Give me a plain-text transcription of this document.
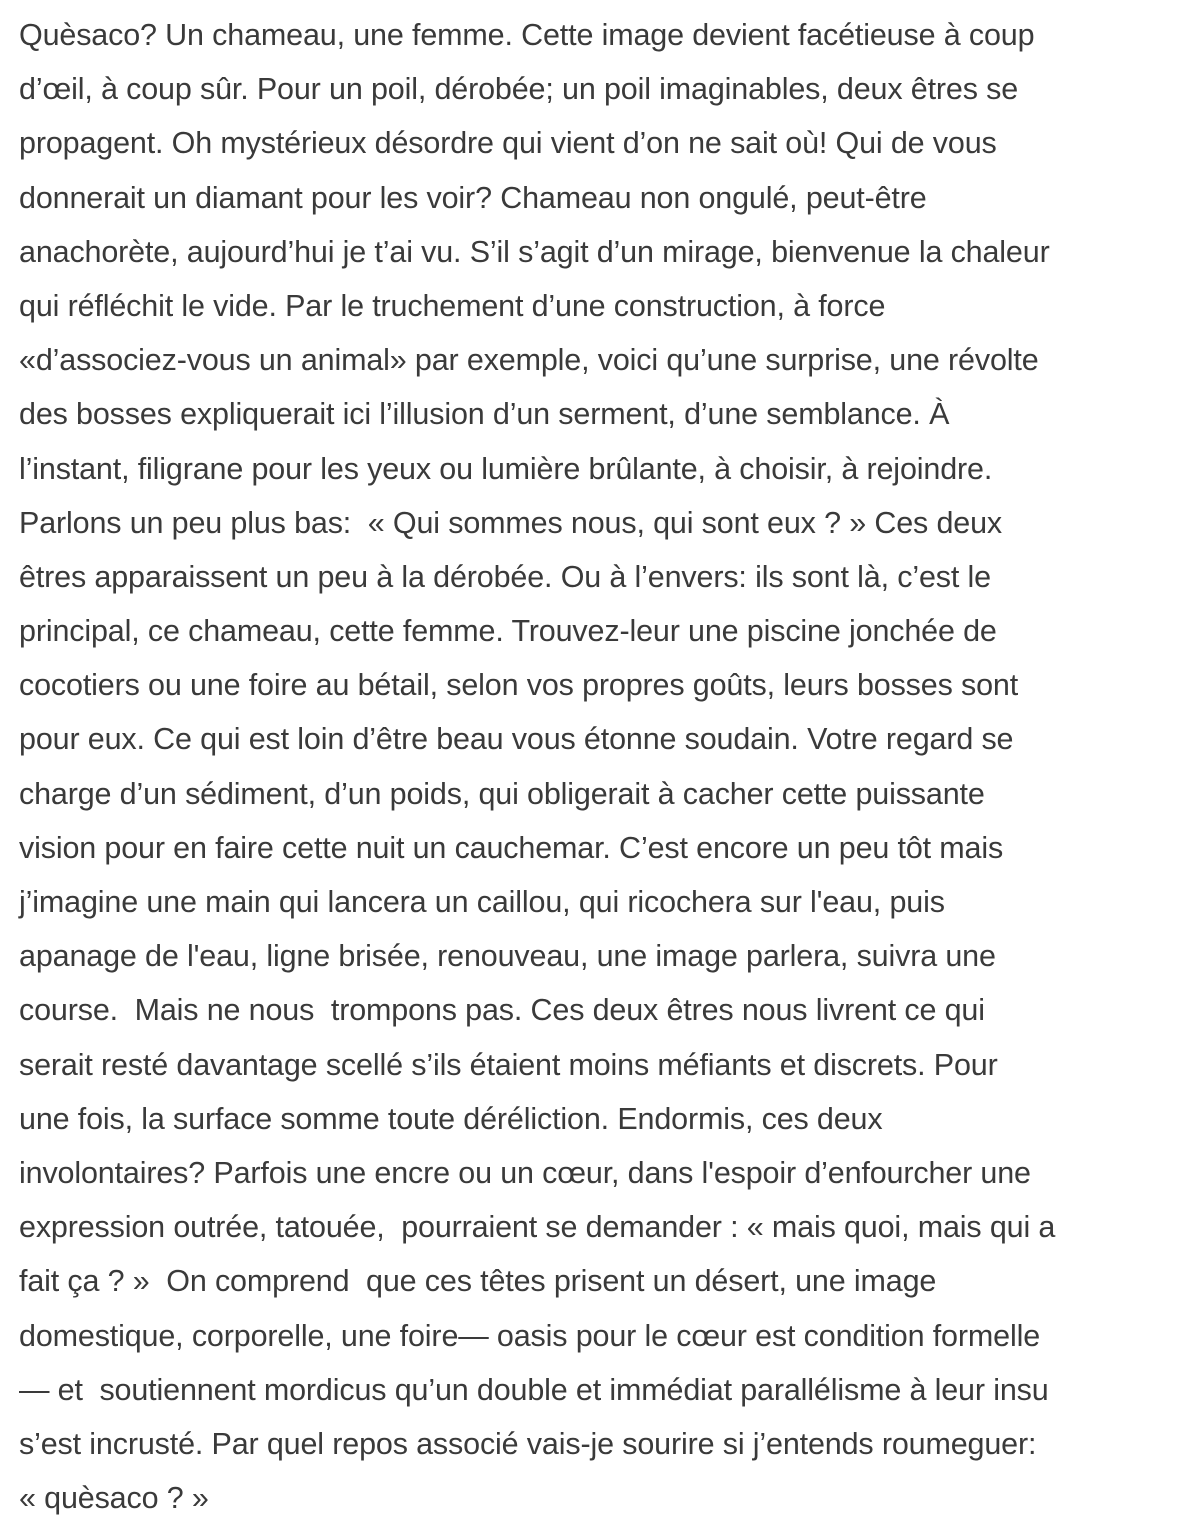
Quèsaco? Un chameau, une femme. Cette image devient facétieuse à coup
d’œil, à coup sûr. Pour un poil, dérobée; un poil imaginables, deux êtres se
propagent. Oh mystérieux désordre qui vient d’on ne sait où! Qui de vous
donnerait un diamant pour les voir? Chameau non ongulé, peut-être
anachorète, aujourd’hui je t’ai vu. S’il s’agit d’un mirage, bienvenue la chaleur
qui réfléchit le vide. Par le truchement d’une construction, à force
«d’associez-vous un animal» par exemple, voici qu’une surprise, une révolte
des bosses expliquerait ici l’illusion d’un serment, d’une semblance. À
l’instant, filigrane pour les yeux ou lumière brûlante, à choisir, à rejoindre.
Parlons un peu plus bas:  « Qui sommes nous, qui sont eux ? » Ces deux
êtres apparaissent un peu à la dérobée. Ou à l’envers: ils sont là, c’est le
principal, ce chameau, cette femme. Trouvez-leur une piscine jonchée de
cocotiers ou une foire au bétail, selon vos propres goûts, leurs bosses sont
pour eux. Ce qui est loin d’être beau vous étonne soudain. Votre regard se
charge d’un sédiment, d’un poids, qui obligerait à cacher cette puissante
vision pour en faire cette nuit un cauchemar. C’est encore un peu tôt mais
j’imagine une main qui lancera un caillou, qui ricochera sur l'eau, puis
apanage de l'eau, ligne brisée, renouveau, une image parlera, suivra une
course.  Mais ne nous  trompons pas. Ces deux êtres nous livrent ce qui
serait resté davantage scellé s’ils étaient moins méfiants et discrets. Pour
une fois, la surface somme toute déréliction. Endormis, ces deux
involontaires? Parfois une encre ou un cœur, dans l'espoir d’enfourcher une
expression outrée, tatouée,  pourraient se demander : « mais quoi, mais qui a
fait ça ? »  On comprend  que ces têtes prisent un désert, une image
domestique, corporelle, une foire— oasis pour le cœur est condition formelle
— et  soutiennent mordicus qu’un double et immédiat parallélisme à leur insu
s’est incrusté. Par quel repos associé vais-je sourire si j’entends roumeguer:
« quèsaco ? »
